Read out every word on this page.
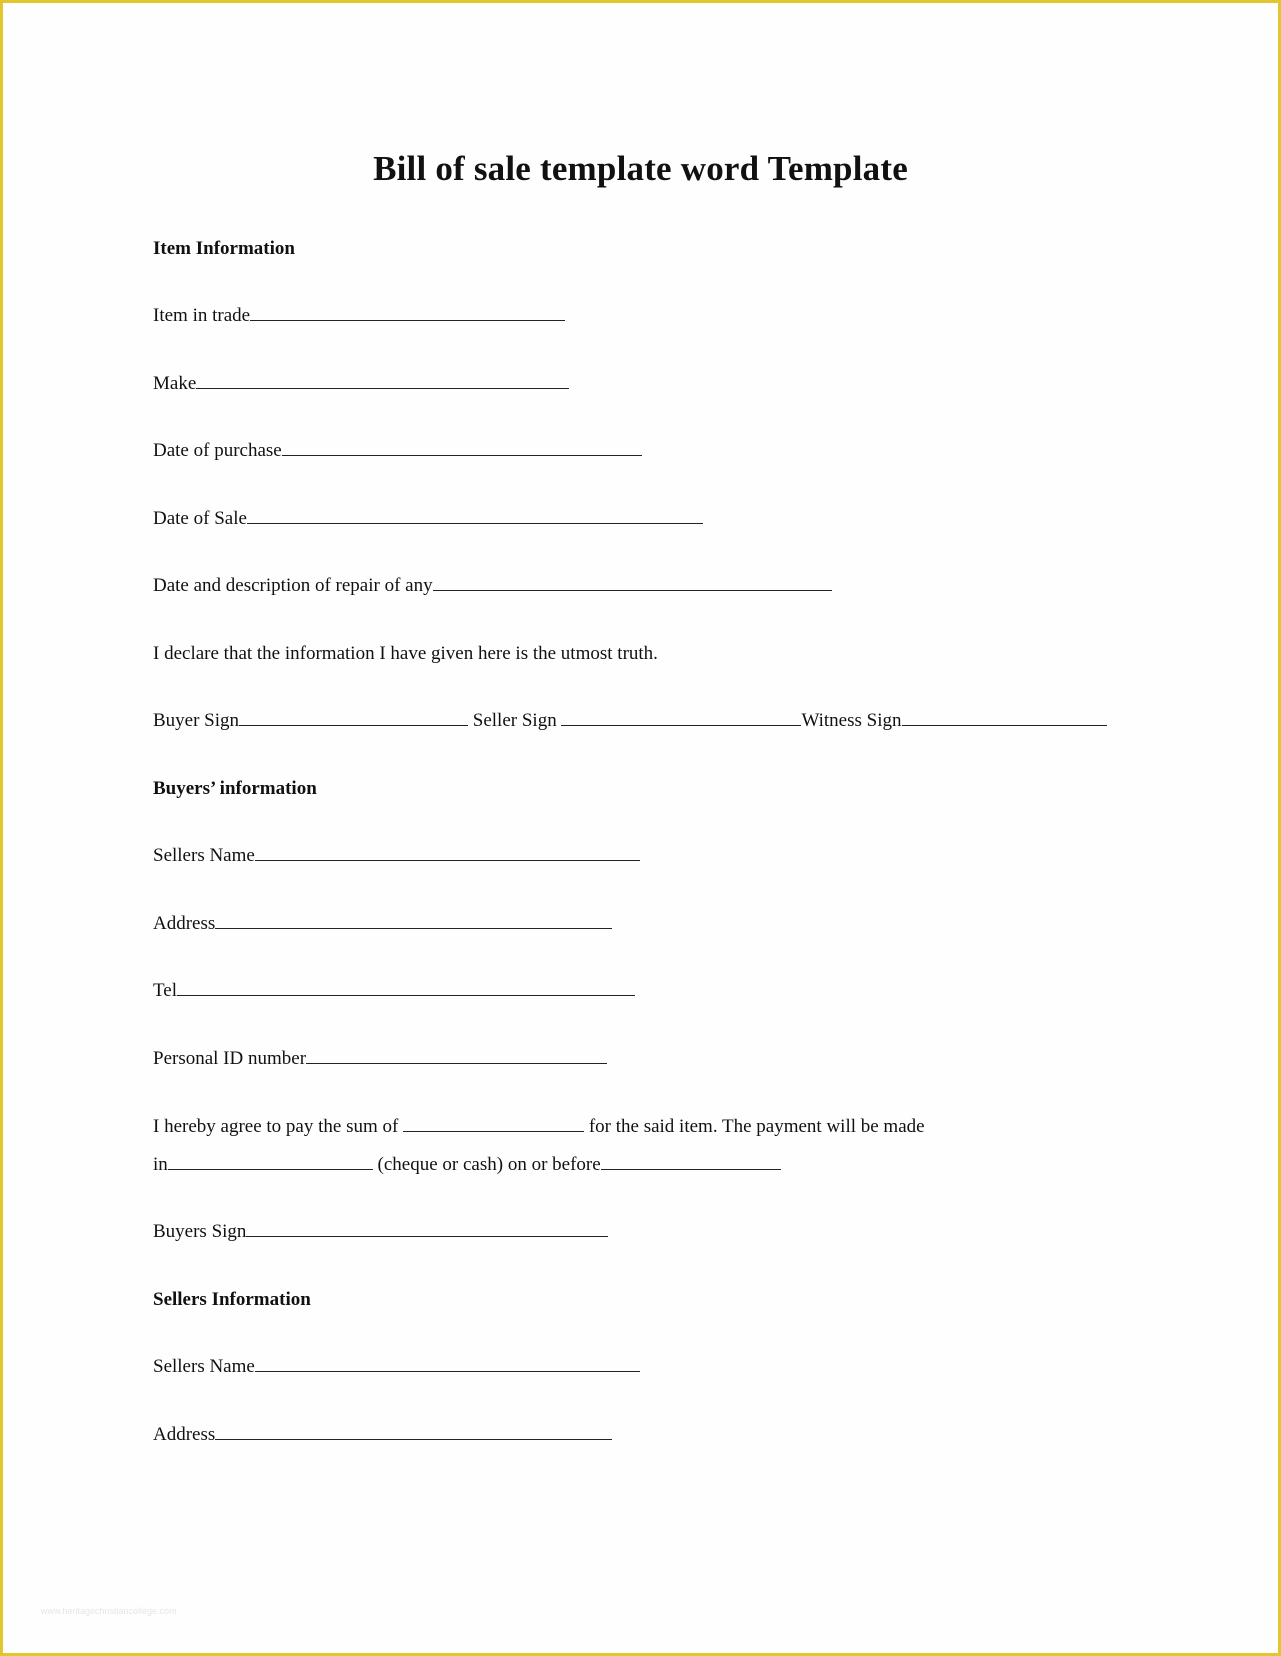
Bill of sale template word Template
Item Information
Item in trade
Make
Date of purchase
Date of Sale
Date and description of repair of any
I declare that the information I have given here is the utmost truth.
Buyer Sign	Seller Sign	Witness Sign
Buyers’ information
Sellers Name
Address
Tel
Personal ID number
I hereby agree to pay the sum of	for the said item. The payment will be made
in	(cheque or cash) on or before
Buyers Sign
Sellers Information
Sellers Name
Address
www.heritagechristiancollege.com
